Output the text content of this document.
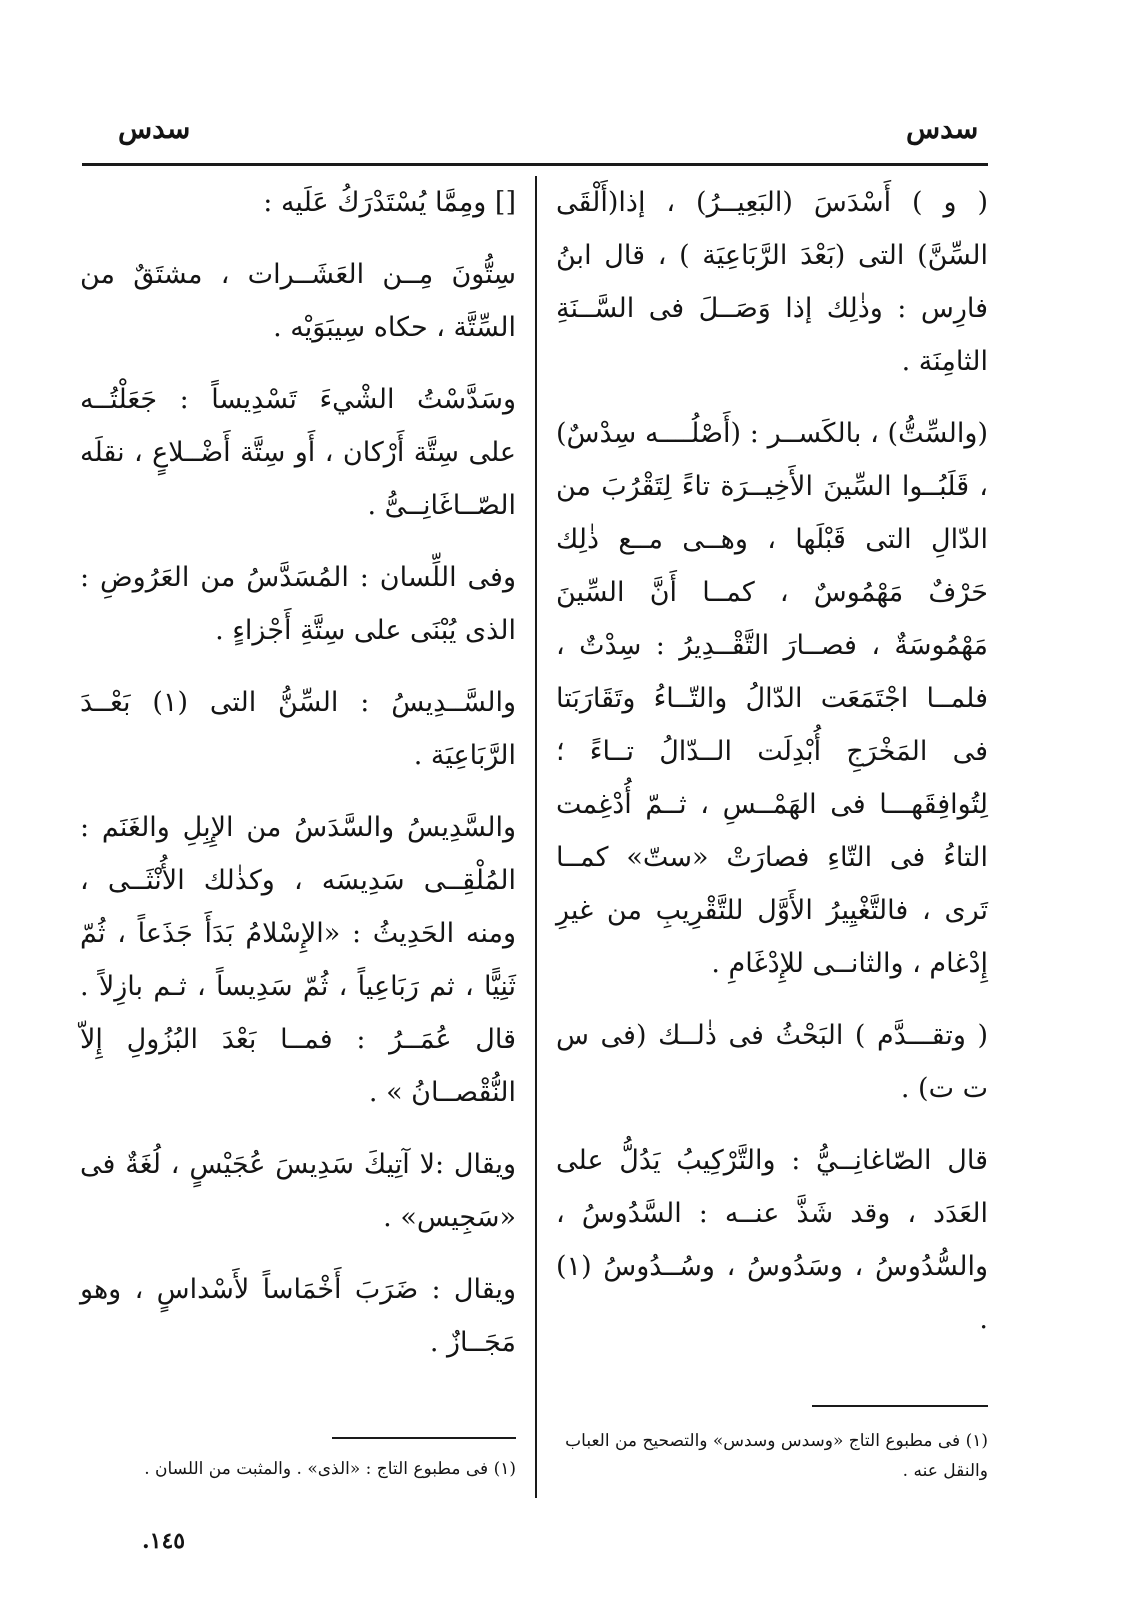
سدس
سدس

( و ) أَسْدَسَ (البَعِيــرُ) ، إذا(أَلْقَى السِّنَّ) التى (بَعْدَ الرَّبَاعِيَة ) ، قال ابنُ فارِس : وذٰلِك إذا وَصَــلَ فى السَّــنَةِ الثامِنَة .

(والسِّتُّ) ، بالكَســر : (أَصْلُــــه سِدْسٌ) ، قَلَبُــوا السِّينَ الأَخِيــرَة تاءً لِتَقْرُبَ من الدّالِ التى قَبْلَها ، وهــى مــع ذٰلِك حَرْفٌ مَهْمُوسٌ ، كمــا أَنَّ السِّينَ مَهْمُوسَةٌ ، فصــارَ التَّقْــدِيرُ : سِدْتٌ ، فلمــا اجْتَمَعَت الدّالُ والتّــاءُ وتَقَارَبَتا فى المَخْرَجِ أُبْدِلَت الــدّالُ تــاءً ؛ لِتُوافِقَهـــا فى الهَمْــسِ ، ثــمّ أُدْغِمت التاءُ فى التّاءِ فصارَتْ «ستّ» كمــا تَرى ، فالتَّغْيِيرُ الأَوَّل للتَّقْرِيبِ من غيرِ إِدْغام ، والثانــى للإِدْغَامِ .

( وتقـــدَّم ) البَحْثُ فى ذٰلــك (فى س ت ت) .

قال الصّاغانِــيُّ : والتَّرْكِيبُ يَدُلُّ على العَدَد ، وقد شَذَّ عنــه : السَّدُوسُ ، والسُّدُوسُ ، وسَدُوسُ ، وسُــدُوسُ (١) .

[] ومِمَّا يُسْتَدْرَكُ عَلَيه :

سِتُّونَ مِــن العَشَــرات ، مشتَقٌ من السِّتَّة ، حكاه سِيبَوَيْه .

وسَدَّسْتُ الشْيءَ تَسْدِيساً : جَعَلْتُــه على سِتَّة أَرْكان ، أَو سِتَّة أَضْــلاعٍ ، نقلَه الصّــاغَانِــىُّ .

وفى اللِّسان : المُسَدَّسُ من العَرُوضِ : الذى يُبْنَى على سِتَّةِ أَجْزاءٍ .

والسَّــدِيسُ : السِّنُّ التى (١) بَعْــدَ الرَّبَاعِيَة .

والسَّدِيسُ والسَّدَسُ من الإِبِلِ والغَنَم : المُلْقِــى سَدِيسَه ، وكذٰلك الأُنْثَــى ، ومنه الحَدِيثُ : «الإِسْلامُ بَدَأَ جَذَعاً ، ثُمّ ثَنِيًّا ، ثم رَبَاعِياً ، ثُمّ سَدِيساً ، ثـم بازِلاً . قال عُمَــرُ : فمــا بَعْدَ البُزُولِ إِلاّ النُّقْصــانُ » .

ويقال :لا آتِيكَ سَدِيسَ عُجَيْسٍ ، لُغَةٌ فى «سَجِيس» .

ويقال : ضَرَبَ أَخْمَاساً لأَسْداسٍ ، وهو مَجَــازٌ .

(١) فى مطبوع التاج «وسدس وسدس» والتصحيح من العباب والنقل عنه .
(١) فى مطبوع التاج : «الذى» . والمثبت من اللسان .
١٤٥.
